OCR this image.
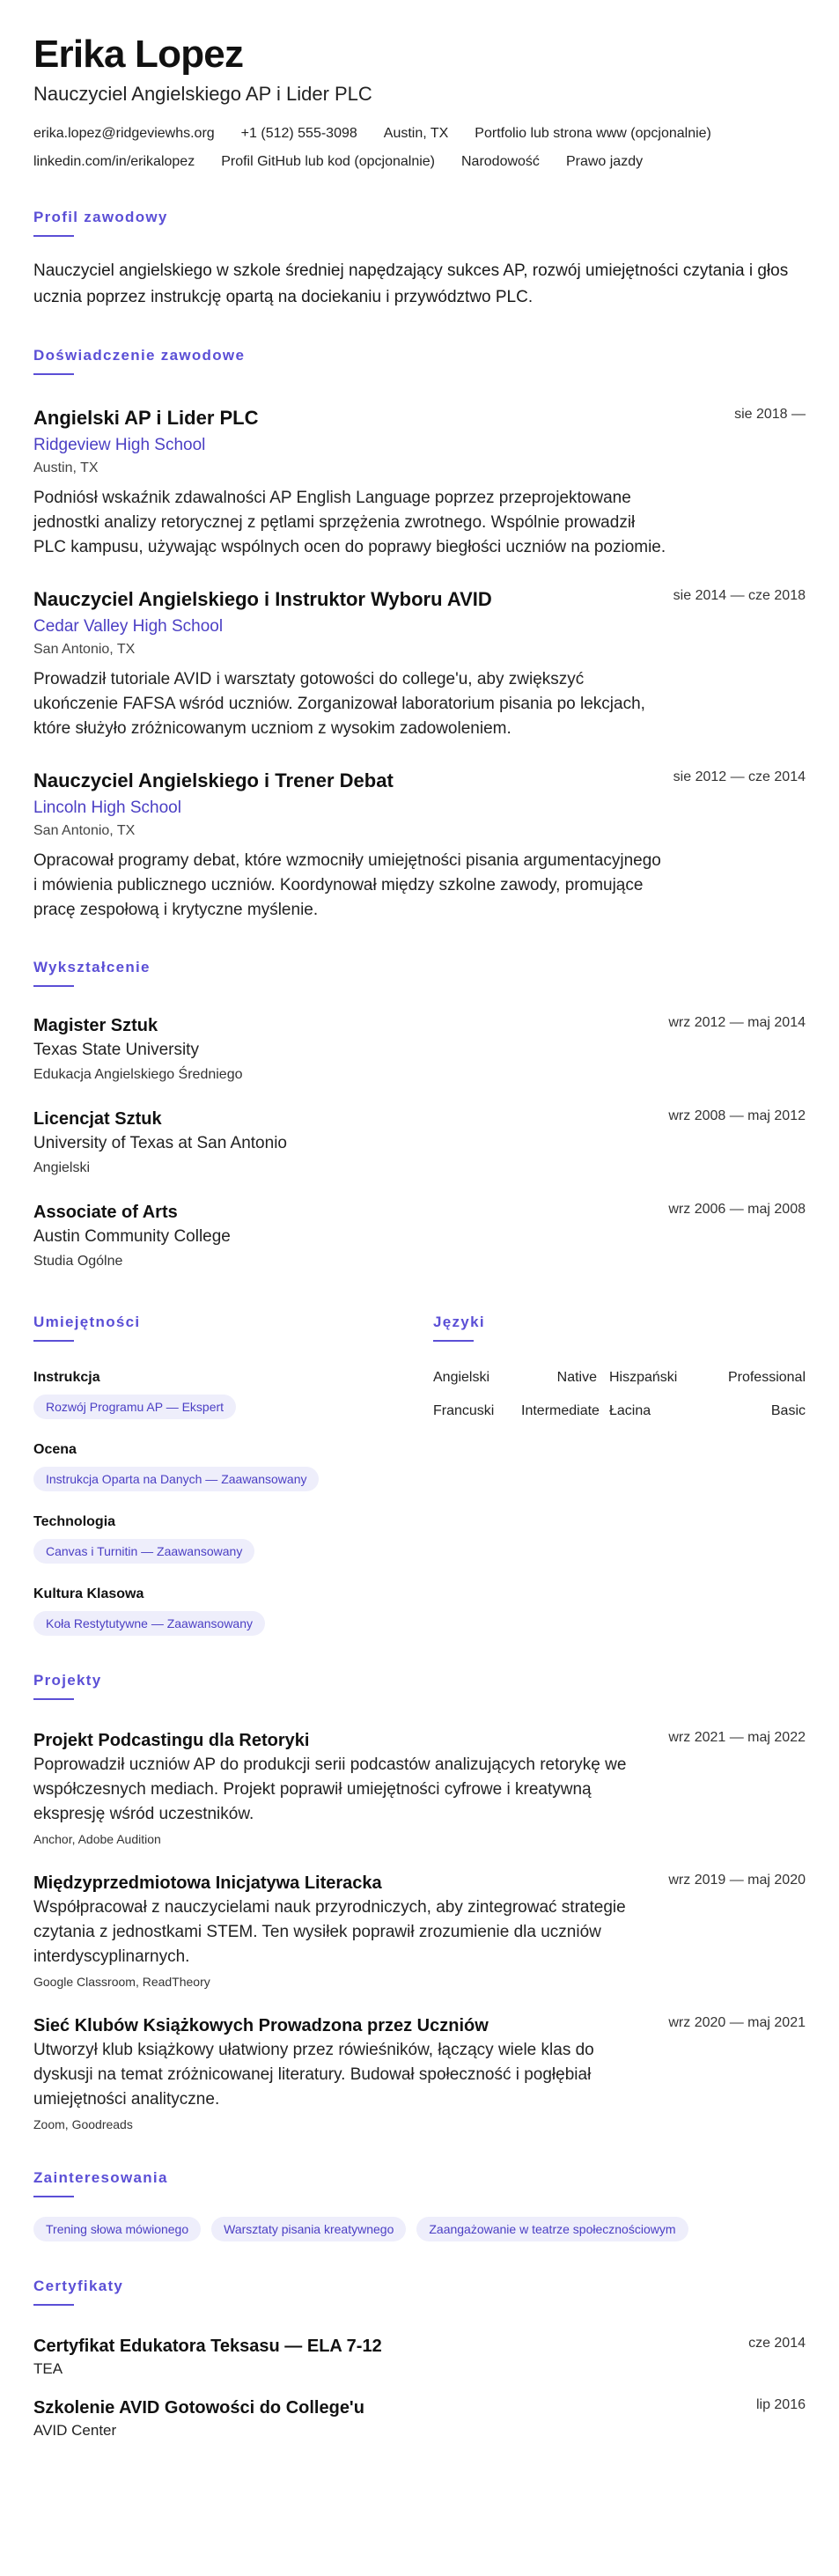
Erika Lopez
Nauczyciel Angielskiego AP i Lider PLC
erika.lopez@ridgeviewhs.org +1 (512) 555-3098 Austin, TX Portfolio lub strona www (opcjonalnie)
linkedin.com/in/erikalopez Profil GitHub lub kod (opcjonalnie) Narodowość Prawo jazdy
Profil zawodowy
Nauczyciel angielskiego w szkole średniej napędzający sukces AP, rozwój umiejętności czytania i głos ucznia poprzez instrukcję opartą na dociekaniu i przywództwo PLC.
Doświadczenie zawodowe
sie 2018 —
Angielski AP i Lider PLC
Ridgeview High School
Austin, TX
Podniósł wskaźnik zdawalności AP English Language poprzez przeprojektowane jednostki analizy retorycznej z pętlami sprzężenia zwrotnego. Wspólnie prowadził PLC kampusu, używając wspólnych ocen do poprawy biegłości uczniów na poziomie.
sie 2014 — cze 2018
Nauczyciel Angielskiego i Instruktor Wyboru AVID
Cedar Valley High School
San Antonio, TX
Prowadził tutoriale AVID i warsztaty gotowości do college'u, aby zwiększyć ukończenie FAFSA wśród uczniów. Zorganizował laboratorium pisania po lekcjach, które służyło zróżnicowanym uczniom z wysokim zadowoleniem.
sie 2012 — cze 2014
Nauczyciel Angielskiego i Trener Debat
Lincoln High School
San Antonio, TX
Opracował programy debat, które wzmocniły umiejętności pisania argumentacyjnego i mówienia publicznego uczniów. Koordynował między szkolne zawody, promujące pracę zespołową i krytyczne myślenie.
Wykształcenie
wrz 2012 — maj 2014
Magister Sztuk
Texas State University
Edukacja Angielskiego Średniego
wrz 2008 — maj 2012
Licencjat Sztuk
University of Texas at San Antonio
Angielski
wrz 2006 — maj 2008
Associate of Arts
Austin Community College
Studia Ogólne
Umiejętności
Instrukcja
Rozwój Programu AP — Ekspert
Ocena
Instrukcja Oparta na Danych — Zaawansowany
Technologia
Canvas i Turnitin — Zaawansowany
Kultura Klasowa
Koła Restytutywne — Zaawansowany
Języki
Angielski	Native Hiszpański	Professional
Francuski	Intermediate Łacina	Basic
Projekty
wrz 2021 — maj 2022
Projekt Podcastingu dla Retoryki
Poprowadził uczniów AP do produkcji serii podcastów analizujących retorykę we współczesnych mediach. Projekt poprawił umiejętności cyfrowe i kreatywną ekspresję wśród uczestników.
Anchor, Adobe Audition
wrz 2019 — maj 2020
Międzyprzedmiotowa Inicjatywa Literacka
Współpracował z nauczycielami nauk przyrodniczych, aby zintegrować strategie czytania z jednostkami STEM. Ten wysiłek poprawił zrozumienie dla uczniów interdyscyplinarnych.
Google Classroom, ReadTheory
wrz 2020 — maj 2021
Sieć Klubów Książkowych Prowadzona przez Uczniów
Utworzył klub książkowy ułatwiony przez rówieśników, łączący wiele klas do dyskusji na temat zróżnicowanej literatury. Budował społeczność i pogłębiał umiejętności analityczne.
Zoom, Goodreads
Zainteresowania
Trening słowa mówionego	Warsztaty pisania kreatywnego	Zaangażowanie w teatrze społecznościowym
Certyfikaty
cze 2014
Certyfikat Edukatora Teksasu — ELA 7-12
TEA
lip 2016
Szkolenie AVID Gotowości do College'u
AVID Center
